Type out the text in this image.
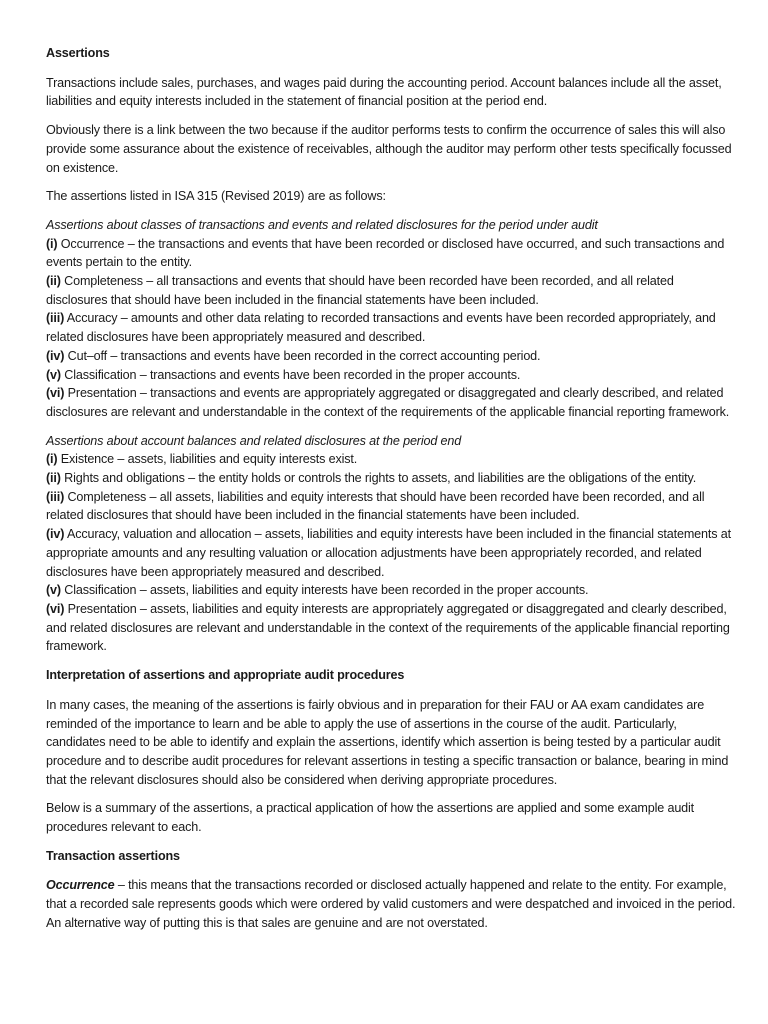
Assertions

Transactions include sales, purchases, and wages paid during the accounting period. Account balances include all the asset, liabilities and equity interests included in the statement of financial position at the period end.

Obviously there is a link between the two because if the auditor performs tests to confirm the occurrence of sales this will also provide some assurance about the existence of receivables, although the auditor may perform other tests specifically focussed on existence.

The assertions listed in ISA 315 (Revised 2019) are as follows:

Assertions about classes of transactions and events and related disclosures for the period under audit
(i) Occurrence – the transactions and events that have been recorded or disclosed have occurred, and such transactions and events pertain to the entity.
(ii) Completeness – all transactions and events that should have been recorded have been recorded, and all related disclosures that should have been included in the financial statements have been included.
(iii) Accuracy – amounts and other data relating to recorded transactions and events have been recorded appropriately, and related disclosures have been appropriately measured and described.
(iv) Cut–off – transactions and events have been recorded in the correct accounting period.
(v) Classification – transactions and events have been recorded in the proper accounts.
(vi) Presentation – transactions and events are appropriately aggregated or disaggregated and clearly described, and related disclosures are relevant and understandable in the context of the requirements of the applicable financial reporting framework.
Assertions about account balances and related disclosures at the period end
(i) Existence – assets, liabilities and equity interests exist.
(ii) Rights and obligations – the entity holds or controls the rights to assets, and liabilities are the obligations of the entity.
(iii) Completeness – all assets, liabilities and equity interests that should have been recorded have been recorded, and all related disclosures that should have been included in the financial statements have been included.
(iv) Accuracy, valuation and allocation – assets, liabilities and equity interests have been included in the financial statements at appropriate amounts and any resulting valuation or allocation adjustments have been appropriately recorded, and related disclosures have been appropriately measured and described.
(v) Classification – assets, liabilities and equity interests have been recorded in the proper accounts.
(vi) Presentation – assets, liabilities and equity interests are appropriately aggregated or disaggregated and clearly described, and related disclosures are relevant and understandable in the context of the requirements of the applicable financial reporting framework.
Interpretation of assertions and appropriate audit procedures

In many cases, the meaning of the assertions is fairly obvious and in preparation for their FAU or AA exam candidates are reminded of the importance to learn and be able to apply the use of assertions in the course of the audit. Particularly, candidates need to be able to identify and explain the assertions, identify which assertion is being tested by a particular audit procedure and to describe audit procedures for relevant assertions in testing a specific transaction or balance, bearing in mind that the relevant disclosures should also be considered when deriving appropriate procedures.

Below is a summary of the assertions, a practical application of how the assertions are applied and some example audit procedures relevant to each.

Transaction assertions

Occurrence – this means that the transactions recorded or disclosed actually happened and relate to the entity. For example, that a recorded sale represents goods which were ordered by valid customers and were despatched and invoiced in the period. An alternative way of putting this is that sales are genuine and are not overstated.
